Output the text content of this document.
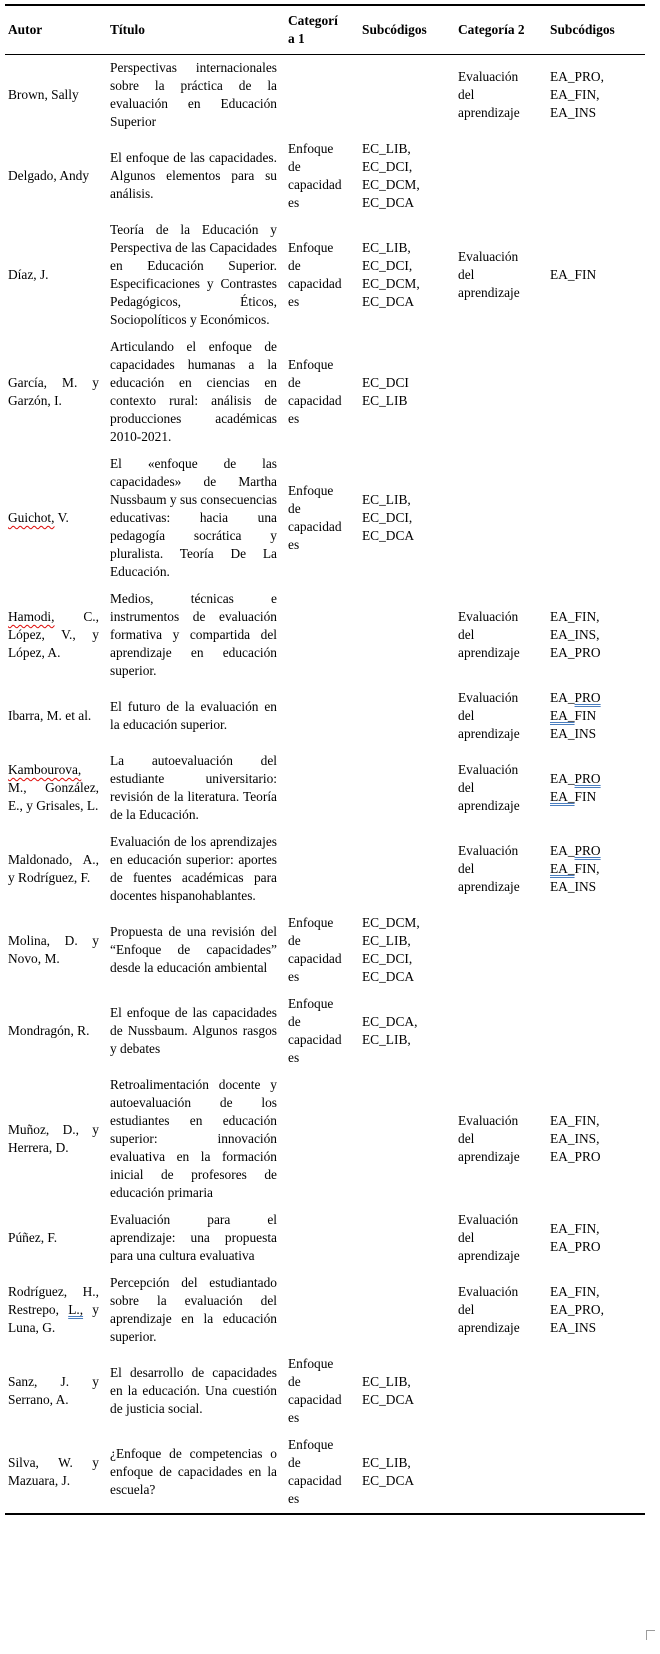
Autor	Título	Categoría 1	Subcódigos	Categoría 2	Subcódigos
Brown, Sally	Perspectivas internacionales sobre la práctica de la evaluación en Educación Superior			Evaluación del aprendizaje	EA_PRO,
EA_FIN,
EA_INS
Delgado, Andy	El enfoque de las capacidades. Algunos elementos para su análisis.	Enfoque de capacidades	EC_LIB,
EC_DCI,
EC_DCM,
EC_DCA		
Díaz, J.	Teoría de la Educación y Perspectiva de las Capacidades en Educación Superior. Especificaciones y Contrastes Pedagógicos, Éticos, Sociopolíticos y Económicos.	Enfoque de capacidades	EC_LIB,
EC_DCI,
EC_DCM,
EC_DCA	Evaluación del aprendizaje	EA_FIN
García, M. y Garzón, I.	Articulando el enfoque de capacidades humanas a la educación en ciencias en contexto rural: análisis de producciones académicas 2010-2021.	Enfoque de capacidades	EC_DCI
EC_LIB		
Guichot, V.	El «enfoque de las capacidades» de Martha Nussbaum y sus consecuencias educativas: hacia una pedagogía socrática y pluralista. Teoría De La Educación.	Enfoque de capacidades	EC_LIB,
EC_DCI,
EC_DCA		
Hamodi, C., López, V., y López, A.	Medios, técnicas e instrumentos de evaluación formativa y compartida del aprendizaje en educación superior.			Evaluación del aprendizaje	EA_FIN,
EA_INS,
EA_PRO
Ibarra, M. et al.	El futuro de la evaluación en la educación superior.			Evaluación del aprendizaje	EA_PRO
EA_FIN
EA_INS
Kambourova, M., González, E., y Grisales, L.	La autoevaluación del estudiante universitario: revisión de la literatura. Teoría de la Educación.			Evaluación del aprendizaje	EA_PRO
EA_FIN
Maldonado, A., y Rodríguez, F.	Evaluación de los aprendizajes en educación superior: aportes de fuentes académicas para docentes hispanohablantes.			Evaluación del aprendizaje	EA_PRO
EA_FIN,
EA_INS
Molina, D. y Novo, M.	Propuesta de una revisión del “Enfoque de capacidades” desde la educación ambiental	Enfoque de capacidades	EC_DCM,
EC_LIB,
EC_DCI,
EC_DCA		
Mondragón, R.	El enfoque de las capacidades de Nussbaum. Algunos rasgos y debates	Enfoque de capacidades	EC_DCA,
EC_LIB,		
Muñoz, D., y Herrera, D.	Retroalimentación docente y autoevaluación de los estudiantes en educación superior: innovación evaluativa en la formación inicial de profesores de educación primaria			Evaluación del aprendizaje	EA_FIN,
EA_INS,
EA_PRO
Púñez, F.	Evaluación para el aprendizaje: una propuesta para una cultura evaluativa			Evaluación del aprendizaje	EA_FIN,
EA_PRO
Rodríguez, H., Restrepo, L., y Luna, G.	Percepción del estudiantado sobre la evaluación del aprendizaje en la educación superior.			Evaluación del aprendizaje	EA_FIN,
EA_PRO,
EA_INS
Sanz, J. y Serrano, A.	El desarrollo de capacidades en la educación. Una cuestión de justicia social.	Enfoque de capacidades	EC_LIB,
EC_DCA		
Silva, W. y Mazuara, J.	¿Enfoque de competencias o enfoque de capacidades en la escuela?	Enfoque de capacidades	EC_LIB,
EC_DCA		
